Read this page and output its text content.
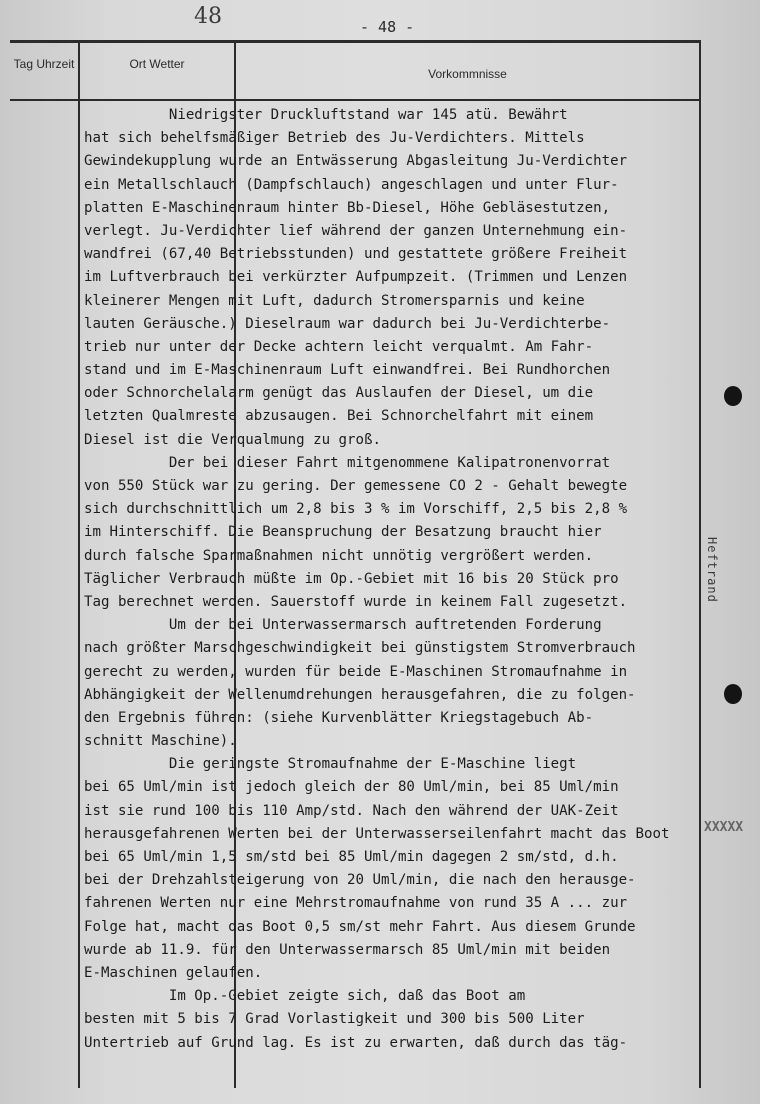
48	- 48 -
Tag Uhrzeit	Ort Wetter
Vorkommnisse
Niedrigster Druckluftstand war 145 atü. Bewährt
hat sich behelfsmäßiger Betrieb des Ju-Verdichters. Mittels
Gewindekupplung wurde an Entwässerung Abgasleitung Ju-Verdichter
ein Metallschlauch (Dampfschlauch) angeschlagen und unter Flur-
platten E-Maschinenraum hinter Bb-Diesel, Höhe Gebläsestutzen,
verlegt. Ju-Verdichter lief während der ganzen Unternehmung ein-
wandfrei (67,40 Betriebsstunden) und gestattete größere Freiheit
im Luftverbrauch bei verkürzter Aufpumpzeit. (Trimmen und Lenzen
kleinerer Mengen mit Luft, dadurch Stromersparnis und keine
lauten Geräusche.) Dieselraum war dadurch bei Ju-Verdichterbe-
trieb nur unter der Decke achtern leicht verqualmt. Am Fahr-
stand und im E-Maschinenraum Luft einwandfrei. Bei Rundhorchen
oder Schnorchelalarm genügt das Auslaufen der Diesel, um die
letzten Qualmreste abzusaugen. Bei Schnorchelfahrt mit einem
Diesel ist die Verqualmung zu groß.
Der bei dieser Fahrt mitgenommene Kalipatronenvorrat
von 550 Stück war zu gering. Der gemessene CO 2 - Gehalt bewegte
sich durchschnittlich um 2,8 bis 3 % im Vorschiff, 2,5 bis 2,8 %
im Hinterschiff. Die Beanspruchung der Besatzung braucht hier
durch falsche Sparmaßnahmen nicht unnötig vergrößert werden.
Täglicher Verbrauch müßte im Op.-Gebiet mit 16 bis 20 Stück pro
Tag berechnet werden. Sauerstoff wurde in keinem Fall zugesetzt.
Um der bei Unterwassermarsch auftretenden Forderung
nach größter Marschgeschwindigkeit bei günstigstem Stromverbrauch
gerecht zu werden, wurden für beide E-Maschinen Stromaufnahme in
Abhängigkeit der Wellenumdrehungen herausgefahren, die zu folgen-
den Ergebnis führen: (siehe Kurvenblätter Kriegstagebuch Ab-
schnitt Maschine).
Die geringste Stromaufnahme der E-Maschine liegt
bei 65 Uml/min ist jedoch gleich der 80 Uml/min, bei 85 Uml/min
ist sie rund 100 bis 110 Amp/std. Nach den während der UAK-Zeit
herausgefahrenen Werten bei der Unterwasserseilenfahrt macht das Boot
bei 65 Uml/min 1,5 sm/std bei 85 Uml/min dagegen 2 sm/std, d.h.
bei der Drehzahlsteigerung von 20 Uml/min, die nach den herausge-
fahrenen Werten nur eine Mehrstromaufnahme von rund 35 A ... zur
Folge hat, macht das Boot 0,5 sm/st mehr Fahrt. Aus diesem Grunde
wurde ab 11.9. für den Unterwassermarsch 85 Uml/min mit beiden
E-Maschinen gelaufen.
Im Op.-Gebiet zeigte sich, daß das Boot am
besten mit 5 bis 7 Grad Vorlastigkeit und 300 bis 500 Liter
Untertrieb auf Grund lag. Es ist zu erwarten, daß durch das täg-
Heftrand
XXXXX
